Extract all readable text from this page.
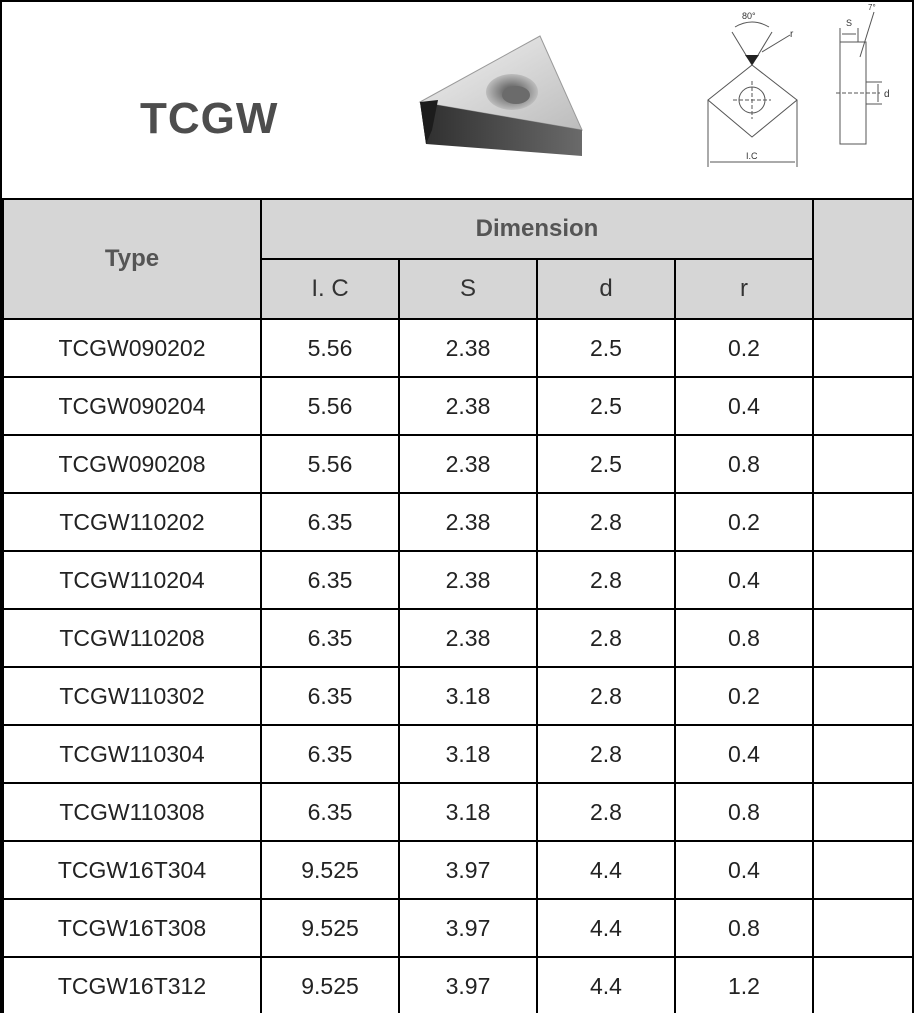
TCGW
80°
r
I.C
S
7°
d
Type	Dimension				
	I. C	S	d	r	
TCGW090202	5.56	2.38	2.5	0.2	
TCGW090204	5.56	2.38	2.5	0.4	
TCGW090208	5.56	2.38	2.5	0.8	
TCGW110202	6.35	2.38	2.8	0.2	
TCGW110204	6.35	2.38	2.8	0.4	
TCGW110208	6.35	2.38	2.8	0.8	
TCGW110302	6.35	3.18	2.8	0.2	
TCGW110304	6.35	3.18	2.8	0.4	
TCGW110308	6.35	3.18	2.8	0.8	
TCGW16T304	9.525	3.97	4.4	0.4	
TCGW16T308	9.525	3.97	4.4	0.8	
TCGW16T312	9.525	3.97	4.4	1.2	
